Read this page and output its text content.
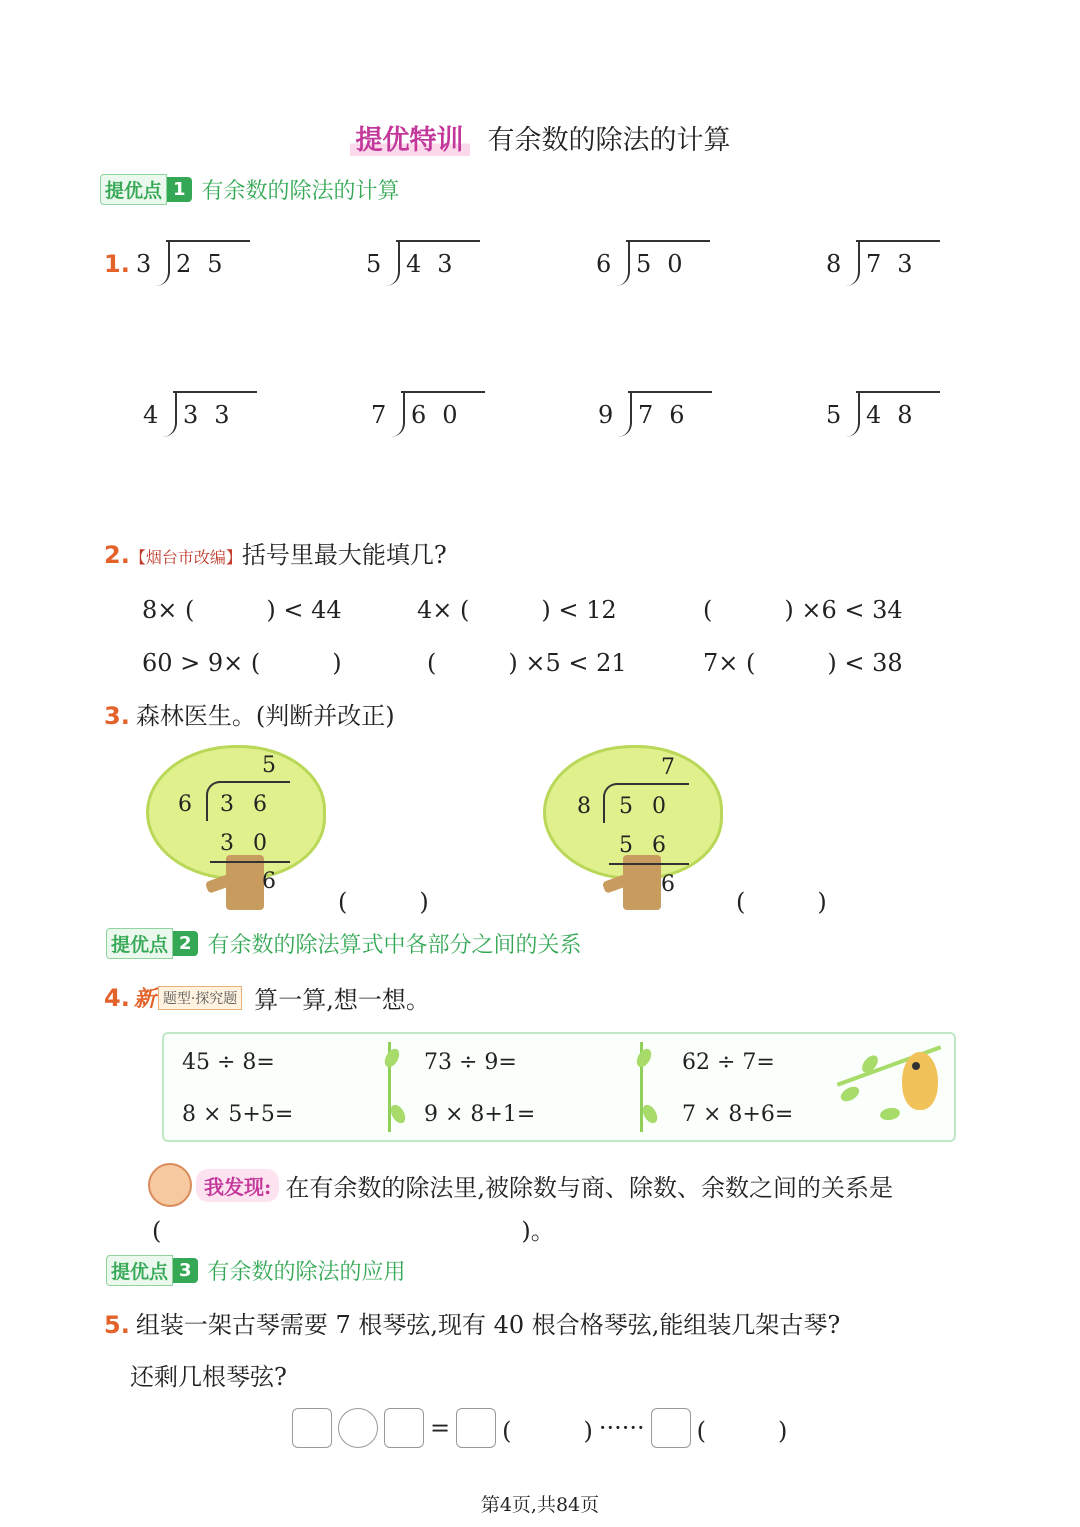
提优特训 有余数的除法的计算
提优点 1 有余数的除法的计算
1. 3 25	5 43	6 50	8 73
4 33	7 60	9 76	5 48
2.【烟台市改编】括号里最大能填几?
8× (　　　) < 44	4× (　　　) < 12	(　　　) ×6 < 34
60 > 9× (　　　)	(　　　) ×5 < 21	7× (　　　) < 38
3. 森林医生。(判断并改正)
5
6 3 6
3 0
6
(　　　)
7
8 5 0
5 6
6
(　　　)
提优点 2 有余数的除法算式中各部分之间的关系
4. 新 题型·探究题 算一算,想一想。
45 ÷ 8=	73 ÷ 9=	62 ÷ 7=
8 × 5+5=	9 × 8+1=	7 × 8+6=
我发现: 在有余数的除法里,被除数与商、除数、余数之间的关系是
(　　　　　　　　　　　　　　　)。
提优点 3 有余数的除法的应用
5. 组装一架古琴需要 7 根琴弦,现有 40 根合格琴弦,能组装几架古琴?
还剩几根琴弦?
= (　　　) ······ (　　　)
第4页,共84页
